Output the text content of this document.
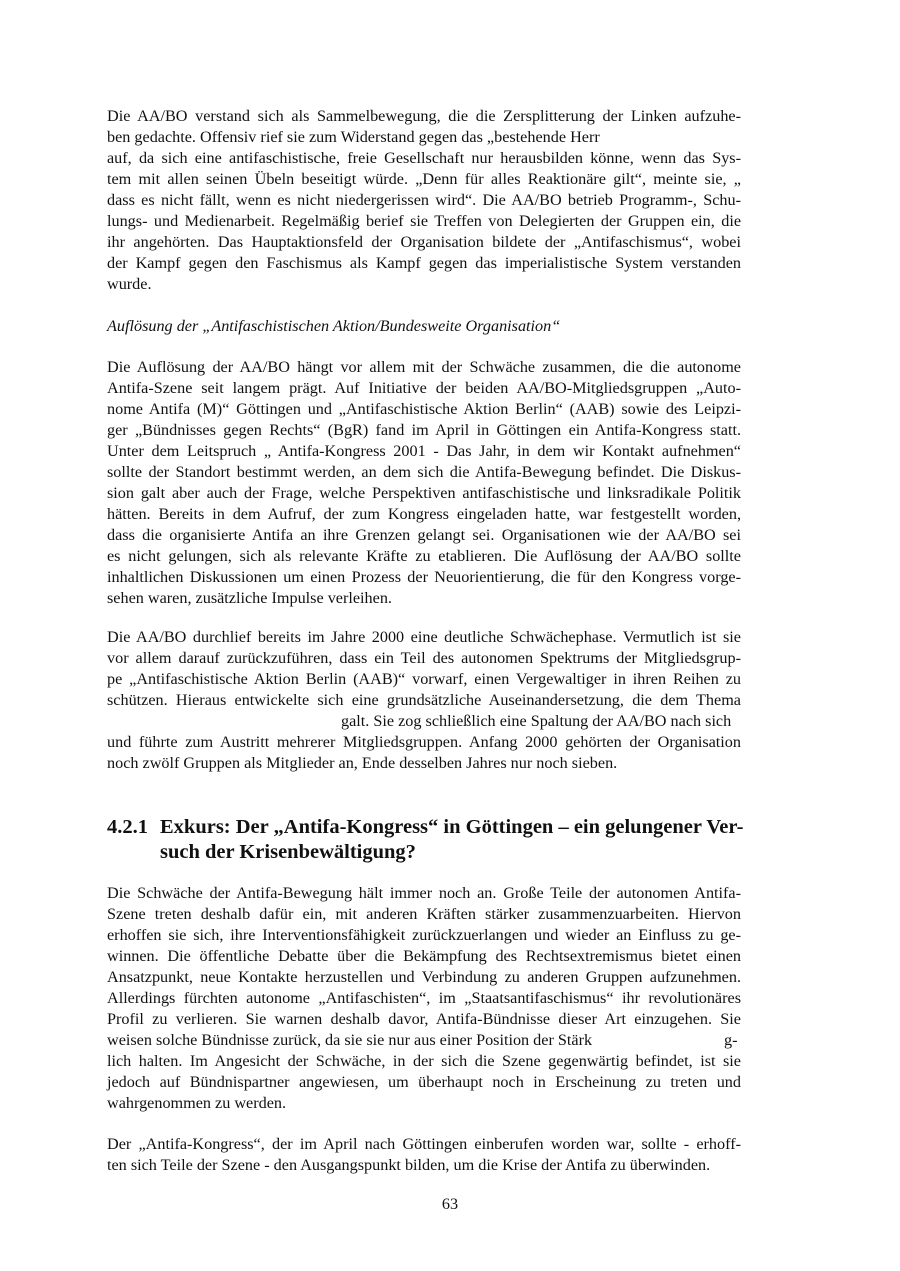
Die AA/BO verstand sich als Sammelbewegung, die die Zersplitterung der Linken aufzuhe-
ben gedachte. Offensiv rief sie zum Widerstand gegen das „bestehende Herr
auf, da sich eine antifaschistische, freie Gesellschaft nur herausbilden könne, wenn das Sys-
tem mit allen seinen Übeln beseitigt würde. „Denn für alles Reaktionäre gilt“, meinte sie, „
dass es nicht fällt, wenn es nicht niedergerissen wird“. Die AA/BO betrieb Programm-, Schu-
lungs- und Medienarbeit. Regelmäßig berief sie Treffen von Delegierten der Gruppen ein, die
ihr angehörten. Das Hauptaktionsfeld der Organisation bildete der „Antifaschismus“, wobei
der Kampf gegen den Faschismus als Kampf gegen das imperialistische System verstanden
wurde.
Auflösung der „Antifaschistischen Aktion/Bundesweite Organisation“
Die Auflösung der AA/BO hängt vor allem mit der Schwäche zusammen, die die autonome
Antifa-Szene seit langem prägt. Auf Initiative der beiden AA/BO-Mitgliedsgruppen „Auto-
nome Antifa (M)“ Göttingen und „Antifaschistische Aktion Berlin“ (AAB) sowie des Leipzi-
ger „Bündnisses gegen Rechts“ (BgR) fand im April in Göttingen ein Antifa-Kongress statt.
Unter dem Leitspruch „ Antifa-Kongress 2001 - Das Jahr, in dem wir Kontakt aufnehmen“
sollte der Standort bestimmt werden, an dem sich die Antifa-Bewegung befindet. Die Diskus-
sion galt aber auch der Frage, welche Perspektiven antifaschistische und linksradikale Politik
hätten. Bereits in dem Aufruf, der zum Kongress eingeladen hatte, war festgestellt worden,
dass die organisierte Antifa an ihre Grenzen gelangt sei. Organisationen wie der AA/BO sei
es nicht gelungen, sich als relevante Kräfte zu etablieren. Die Auflösung der AA/BO sollte
inhaltlichen Diskussionen um einen Prozess der Neuorientierung, die für den Kongress vorge-
sehen waren, zusätzliche Impulse verleihen.
Die AA/BO durchlief bereits im Jahre 2000 eine deutliche Schwächephase. Vermutlich ist sie
vor allem darauf zurückzuführen, dass ein Teil des autonomen Spektrums der Mitgliedsgrup-
pe „Antifaschistische Aktion Berlin (AAB)“ vorwarf, einen Vergewaltiger in ihren Reihen zu
schützen. Hieraus entwickelte sich eine grundsätzliche Auseinandersetzung, die dem Thema
galt. Sie zog schließlich eine Spaltung der AA/BO nach sich
und führte zum Austritt mehrerer Mitgliedsgruppen. Anfang 2000 gehörten der Organisation
noch zwölf Gruppen als Mitglieder an, Ende desselben Jahres nur noch sieben.
4.2.1 Exkurs: Der „Antifa-Kongress“ in Göttingen – ein gelungener Ver-
such der Krisenbewältigung?
Die Schwäche der Antifa-Bewegung hält immer noch an. Große Teile der autonomen Antifa-
Szene treten deshalb dafür ein, mit anderen Kräften stärker zusammenzuarbeiten. Hiervon
erhoffen sie sich, ihre Interventionsfähigkeit zurückzuerlangen und wieder an Einfluss zu ge-
winnen. Die öffentliche Debatte über die Bekämpfung des Rechtsextremismus bietet einen
Ansatzpunkt, neue Kontakte herzustellen und Verbindung zu anderen Gruppen aufzunehmen.
Allerdings fürchten autonome „Antifaschisten“, im „Staatsantifaschismus“ ihr revolutionäres
Profil zu verlieren. Sie warnen deshalb davor, Antifa-Bündnisse dieser Art einzugehen. Sie
weisen solche Bündnisse zurück, da sie sie nur aus einer Position der Stärk	g-
lich halten. Im Angesicht der Schwäche, in der sich die Szene gegenwärtig befindet, ist sie
jedoch auf Bündnispartner angewiesen, um überhaupt noch in Erscheinung zu treten und
wahrgenommen zu werden.
Der „Antifa-Kongress“, der im April nach Göttingen einberufen worden war, sollte - erhoff-
ten sich Teile der Szene - den Ausgangspunkt bilden, um die Krise der Antifa zu überwinden.
63
